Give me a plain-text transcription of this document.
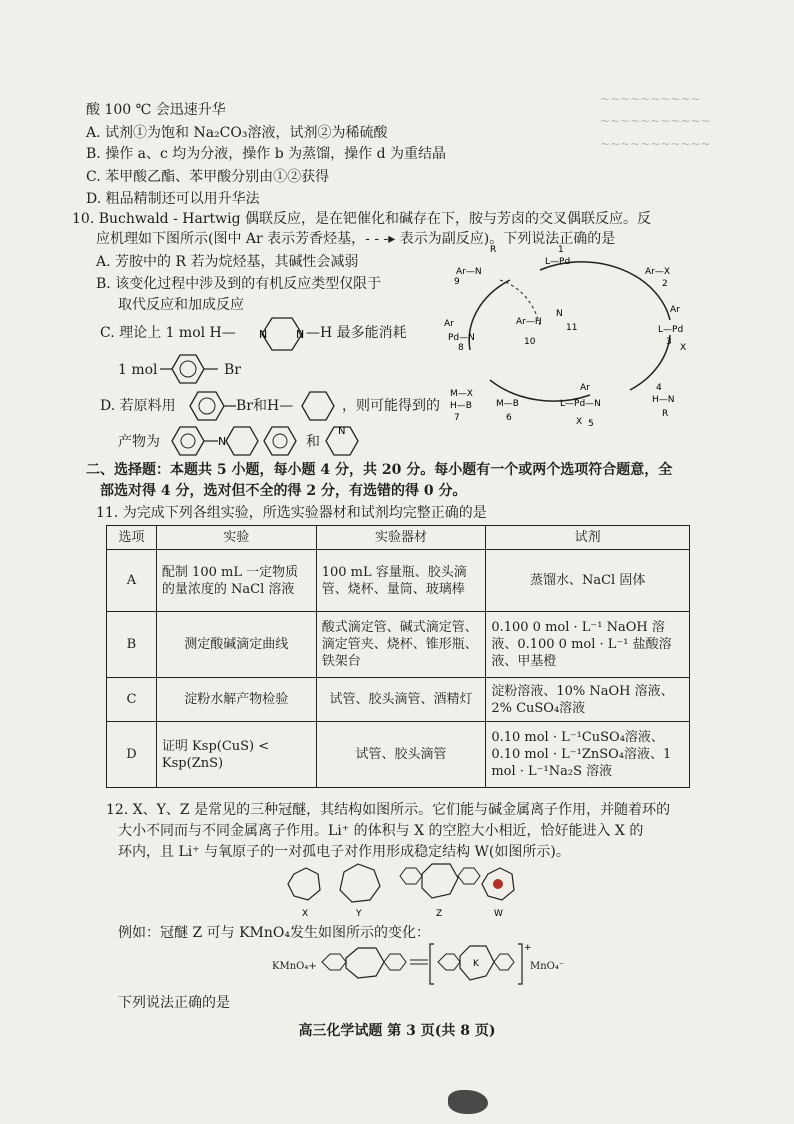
~~~~~~~~~~
~~~~~~~~~~~
~~~~~~~~~~~
酸 100 ℃ 会迅速升华
A. 试剂①为饱和 Na₂CO₃溶液，试剂②为稀硫酸
B. 操作 a、c 均为分液，操作 b 为蒸馏，操作 d 为重结晶
C. 苯甲酸乙酯、苯甲酸分别由①②获得
D. 粗品精制还可以用升华法
10. Buchwald - Hartwig 偶联反应，是在钯催化和碱存在下，胺与芳卤的交叉偶联反应。反
应机理如下图所示(图中 Ar 表示芳香烃基，- - -▸ 表示为副反应)。下列说法正确的是
A. 芳胺中的 R 若为烷烃基，其碱性会减弱
B. 该变化过程中涉及到的有机反应类型仅限于
取代反应和加成反应
C. 理论上 1 mol H— N	N —H 最多能消耗
1 mol	Br
D. 若原料用	Br和H—	，则可能得到的
产物为	N	和
N
L—Pd
1
Ar—X
2
L—Pd
Ar
3
X
H—N
4
R
L—Pd—N
Ar
X 5
M—B
6
M—X
H—B
7
Pd—N
8
Ar
Ar—N
9
Ar—H
10
N
11
R
二、选择题：本题共 5 小题，每小题 4 分，共 20 分。每小题有一个或两个选项符合题意，全
部选对得 4 分，选对但不全的得 2 分，有选错的得 0 分。
11. 为完成下列各组实验，所选实验器材和试剂均完整正确的是
选项	实验	实验器材	试剂
A	配制 100 mL 一定物质的量浓度的 NaCl 溶液	100 mL 容量瓶、胶头滴管、烧杯、量筒、玻璃棒	蒸馏水、NaCl 固体
B	测定酸碱滴定曲线	酸式滴定管、碱式滴定管、滴定管夹、烧杯、锥形瓶、铁架台	0.100 0 mol · L⁻¹ NaOH 溶液、0.100 0 mol · L⁻¹ 盐酸溶液、甲基橙
C	淀粉水解产物检验	试管、胶头滴管、酒精灯	淀粉溶液、10% NaOH 溶液、2% CuSO₄溶液
D	证明 Ksp(CuS) < Ksp(ZnS)	试管、胶头滴管	0.10 mol · L⁻¹CuSO₄溶液、0.10 mol · L⁻¹ZnSO₄溶液、1 mol · L⁻¹Na₂S 溶液
12. X、Y、Z 是常见的三种冠醚，其结构如图所示。它们能与碱金属离子作用，并随着环的
大小不同而与不同金属离子作用。Li⁺ 的体积与 X 的空腔大小相近，恰好能进入 X 的
环内，且 Li⁺ 与氧原子的一对孤电子对作用形成稳定结构 W(如图所示)。
X	Y	Z	W
例如：冠醚 Z 可与 KMnO₄发生如图所示的变化：
KMnO₄+	K
+
MnO₄⁻
下列说法正确的是
高三化学试题 第 3 页(共 8 页)
